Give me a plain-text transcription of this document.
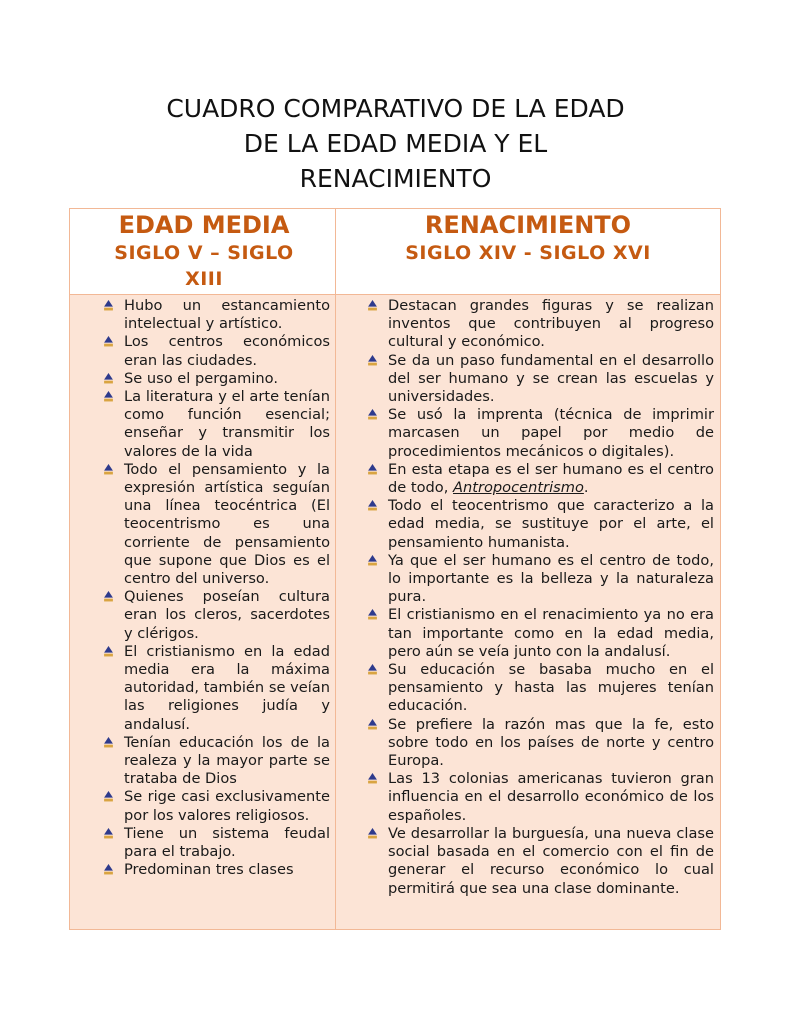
CUADRO COMPARATIVO DE LA EDAD
DE LA EDAD MEDIA Y EL
RENACIMIENTO
EDAD MEDIA
SIGLO V – SIGLO
XIII
RENACIMIENTO
SIGLO XIV - SIGLO XVI
Hubo un estancamiento intelectual y artístico.
Los centros económicos eran las ciudades.
Se uso el pergamino.
La literatura y el arte tenían como función esencial; enseñar y transmitir los valores de la vida
Todo el pensamiento y la expresión artística seguían una línea teocéntrica (El teocentrismo es una corriente de pensamiento que supone que Dios es el centro del universo.
Quienes poseían cultura eran los cleros, sacerdotes y clérigos.
El cristianismo en la edad media era la máxima autoridad, también se veían las religiones judía y andalusí.
Tenían educación los de la realeza y la mayor parte se trataba de Dios
Se rige casi exclusivamente por los valores religiosos.
Tiene un sistema feudal para el trabajo.
Predominan tres clases
Destacan grandes figuras y se realizan inventos que contribuyen al progreso cultural y económico.
Se da un paso fundamental en el desarrollo del ser humano y se crean las escuelas y universidades.
Se usó la imprenta (técnica de imprimir marcasen un papel por medio de procedimientos mecánicos o digitales).
En esta etapa es el ser humano es el centro de todo, Antropocentrismo.
Todo el teocentrismo que caracterizo a la edad media, se sustituye por el arte, el pensamiento humanista.
Ya que el ser humano es el centro de todo, lo importante es la belleza y la naturaleza pura.
El cristianismo en el renacimiento ya no era tan importante como en la edad media, pero aún se veía junto con la andalusí.
Su educación se basaba mucho en el pensamiento y hasta las mujeres tenían educación.
Se prefiere la razón mas que la fe, esto sobre todo en los países de norte y centro Europa.
Las 13 colonias americanas tuvieron gran influencia en el desarrollo económico de los españoles.
Ve desarrollar la burguesía, una nueva clase social basada en el comercio con el fin de generar el recurso económico lo cual permitirá que sea una clase dominante.
